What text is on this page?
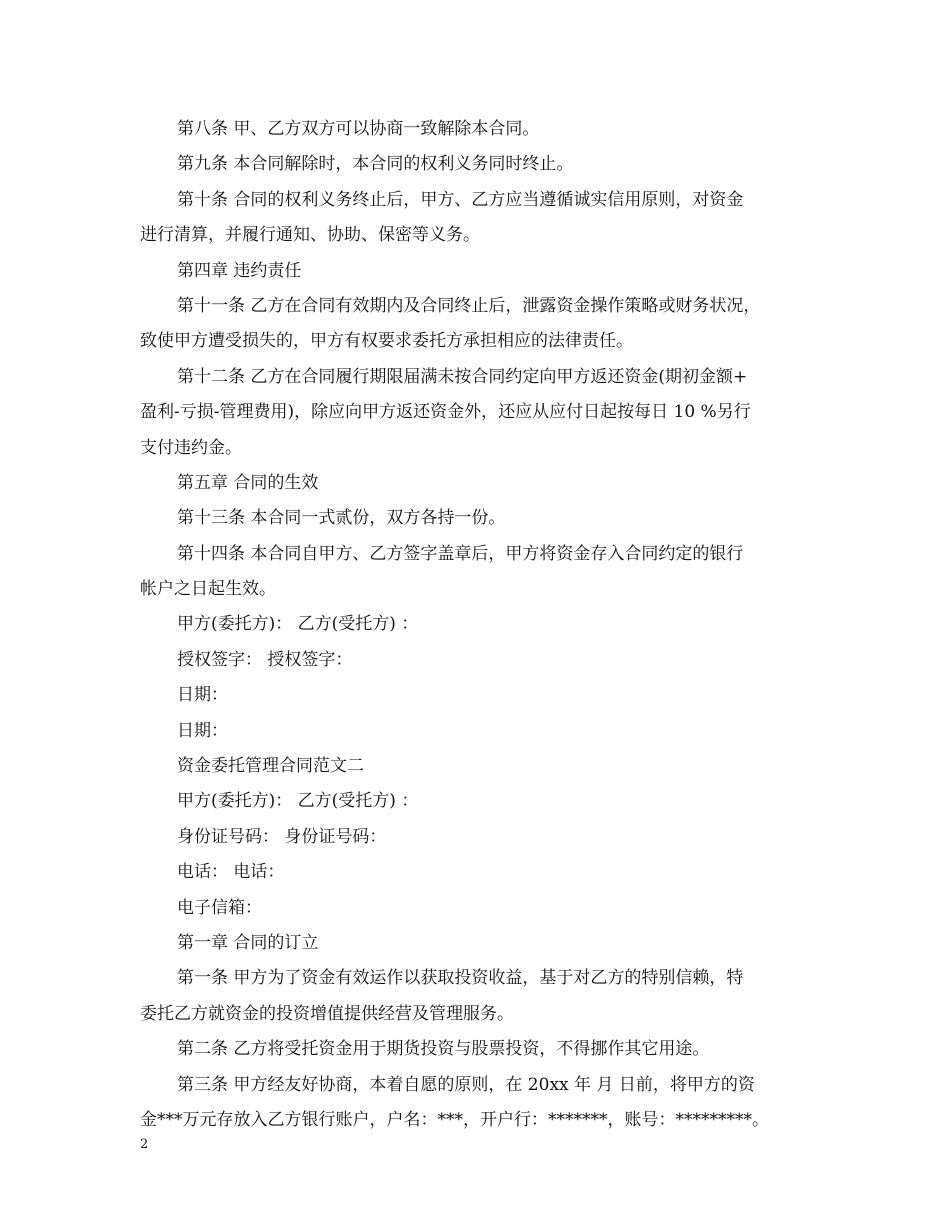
第八条 甲、乙方双方可以协商一致解除本合同。
第九条 本合同解除时，本合同的权利义务同时终止。
第十条 合同的权利义务终止后，甲方、乙方应当遵循诚实信用原则，对资金
进行清算，并履行通知、协助、保密等义务。
第四章 违约责任
第十一条 乙方在合同有效期内及合同终止后，泄露资金操作策略或财务状况，
致使甲方遭受损失的，甲方有权要求委托方承担相应的法律责任。
第十二条 乙方在合同履行期限届满未按合同约定向甲方返还资金(期初金额+
盈利-亏损-管理费用)，除应向甲方返还资金外，还应从应付日起按每日 10 %另行
支付违约金。
第五章 合同的生效
第十三条 本合同一式贰份，双方各持一份。
第十四条 本合同自甲方、乙方签字盖章后，甲方将资金存入合同约定的银行
帐户之日起生效。
甲方(委托方)： 乙方(受托方) ：
授权签字： 授权签字：
日期：
日期：
资金委托管理合同范文二
甲方(委托方)： 乙方(受托方) ：
身份证号码： 身份证号码：
电话： 电话：
电子信箱：
第一章 合同的订立
第一条 甲方为了资金有效运作以获取投资收益，基于对乙方的特别信赖，特
委托乙方就资金的投资增值提供经营及管理服务。
第二条 乙方将受托资金用于期货投资与股票投资，不得挪作其它用途。
第三条 甲方经友好协商，本着自愿的原则，在 20xx 年 月 日前，将甲方的资
金***万元存放入乙方银行账户，户名：***，开户行：*******，账号：*********。
2
